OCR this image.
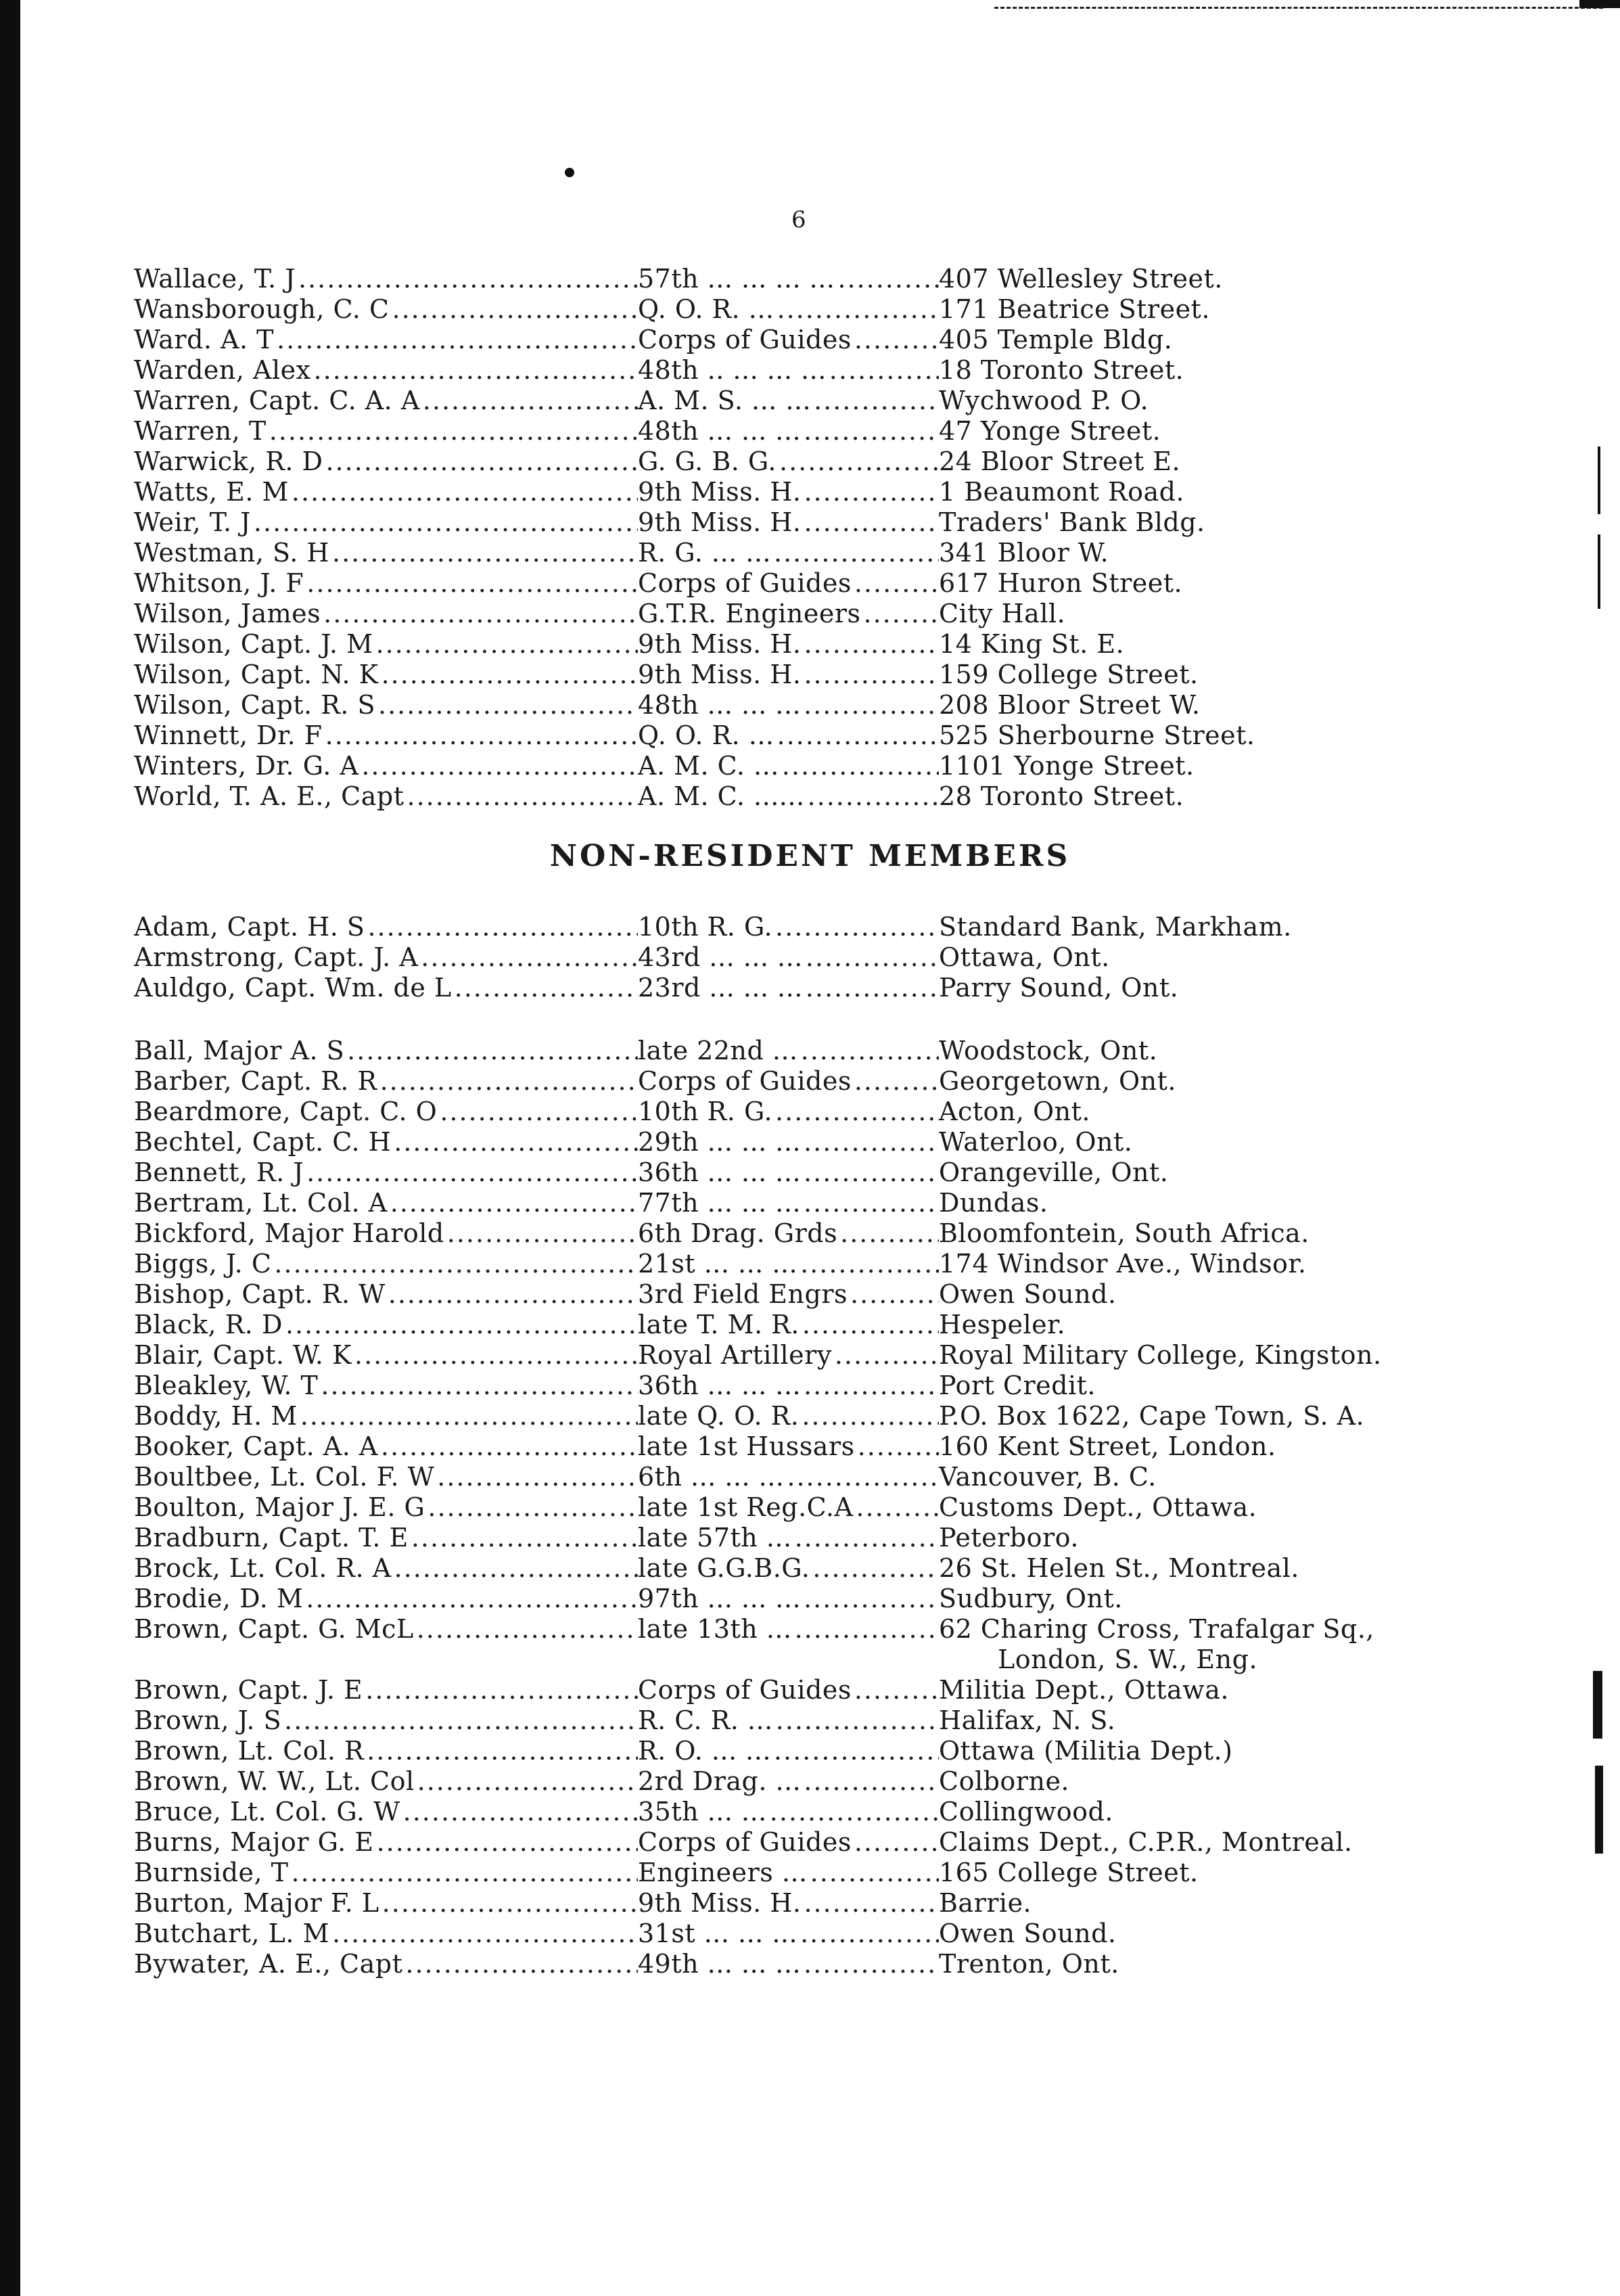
6
Wallace, T. J .....	57th ... ... ... ... .....	407 Wellesley Street.
Wansborough, C. C .....	Q. O. R. ... .....	171 Beatrice Street.
Ward. A. T .....	Corps of Guides .....	405 Temple Bldg.
Warden, Alex .....	48th .. ... ... ... .....	18 Toronto Street.
Warren, Capt. C. A. A .....	A. M. S. ... ... .....	Wychwood P. O.
Warren, T .....	48th ... ... ... .....	47 Yonge Street.
Warwick, R. D .....	G. G. B. G. .....	24 Bloor Street E.
Watts, E. M .....	9th Miss. H. .....	1 Beaumont Road.
Weir, T. J .....	9th Miss. H. .....	Traders' Bank Bldg.
Westman, S. H .....	R. G. ... ... .....	341 Bloor W.
Whitson, J. F .....	Corps of Guides .....	617 Huron Street.
Wilson, James .....	G.T.R. Engineers .....	City Hall.
Wilson, Capt. J. M .....	9th Miss. H. .....	14 King St. E.
Wilson, Capt. N. K .....	9th Miss. H. .....	159 College Street.
Wilson, Capt. R. S .....	48th ... ... ... .....	208 Bloor Street W.
Winnett, Dr. F .....	Q. O. R. ... .....	525 Sherbourne Street.
Winters, Dr. G. A .....	A. M. C. ... .....	1101 Yonge Street.
World, T. A. E., Capt .....	A. M. C. ...... .....	28 Toronto Street.
NON-RESIDENT MEMBERS
Adam, Capt. H. S .....	10th R. G. .....	Standard Bank, Markham.
Armstrong, Capt. J. A .....	43rd ... ... ... .....	Ottawa, Ont.
Auldgo, Capt. Wm. de L .....	23rd ... ... ... .....	Parry Sound, Ont.
Ball, Major A. S .....	late 22nd ... .....	Woodstock, Ont.
Barber, Capt. R. R .....	Corps of Guides .....	Georgetown, Ont.
Beardmore, Capt. C. O .....	10th R. G. .....	Acton, Ont.
Bechtel, Capt. C. H .....	29th ... ... ... .....	Waterloo, Ont.
Bennett, R. J .....	36th ... ... ... .....	Orangeville, Ont.
Bertram, Lt. Col. A .....	77th ... ... ... .....	Dundas.
Bickford, Major Harold .....	6th Drag. Grds .....	Bloomfontein, South Africa.
Biggs, J. C .....	21st ... ... ... .....	174 Windsor Ave., Windsor.
Bishop, Capt. R. W .....	3rd Field Engrs .....	Owen Sound.
Black, R. D .....	late T. M. R. .....	Hespeler.
Blair, Capt. W. K .....	Royal Artillery .....	Royal Military College, Kingston.
Bleakley, W. T .....	36th ... ... ... .....	Port Credit.
Boddy, H. M .....	late Q. O. R. .....	P.O. Box 1622, Cape Town, S. A.
Booker, Capt. A. A .....	late 1st Hussars .....	160 Kent Street, London.
Boultbee, Lt. Col. F. W .....	6th ... ... ... .....	Vancouver, B. C.
Boulton, Major J. E. G .....	late 1st Reg.C.A .....	Customs Dept., Ottawa.
Bradburn, Capt. T. E .....	late 57th ... .....	Peterboro.
Brock, Lt. Col. R. A .....	late G.G.B.G. .....	26 St. Helen St., Montreal.
Brodie, D. M .....	97th ... ... ... .....	Sudbury, Ont.
Brown, Capt. G. McL .....	late 13th ... .....	62 Charing Cross, Trafalgar Sq.,
London, S. W., Eng.
Brown, Capt. J. E .....	Corps of Guides .....	Militia Dept., Ottawa.
Brown, J. S .....	R. C. R. ... .....	Halifax, N. S.
Brown, Lt. Col. R .....	R. O. ... ... .....	Ottawa (Militia Dept.)
Brown, W. W., Lt. Col .....	2rd Drag. ... .....	Colborne.
Bruce, Lt. Col. G. W .....	35th ... ... .....	Collingwood.
Burns, Major G. E .....	Corps of Guides .....	Claims Dept., C.P.R., Montreal.
Burnside, T .....	Engineers ... .....	165 College Street.
Burton, Major F. L .....	9th Miss. H. .....	Barrie.
Butchart, L. M .....	31st ... ... ... .....	Owen Sound.
Bywater, A. E., Capt .....	49th ... ... ... .....	Trenton, Ont.
